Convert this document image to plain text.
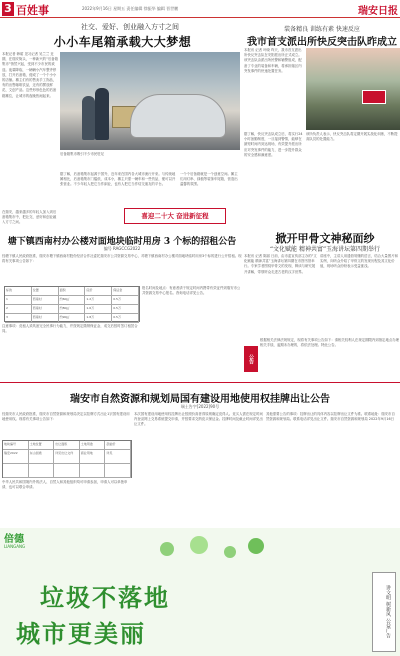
3 百姓事	2022年9月16日 星期五 责任编辑 徐振华 编辑 晋世鹏	瑞安日报
社交、爱好、创业融入方寸之间
小小车尾箱承载大大梦想
本报记者 韩昭 见习记者 吴兰兰 近期，在瑞安街头，一种新兴的“后备箱集市”悄然兴起，受到不少市民的欢迎。夜幕降临，一辆辆小汽车整齐停放，打开后备箱，便成了一个个小小的店铺。摊主们有的售卖手工饰品，有的出售咖啡饮品，还有的摆放鲜花、文创产品。这些形形色色的后备箱摊位，让城市的夜晚热闹起来。
在瑞安，越来越多的年轻人加入到后备箱集市中，把社交、爱好和创业融入方寸之间。
后备箱集市吸引不少市民驻足
据了解，后备箱集市起源于国外，近年来在国内各大城市流行开来。与传统地摊相比，后备箱集市门槛低、成本小，摊主只需一辆车和一些货品，便可以开张营业。不少年轻人把它当作副业，也有人把它当作结交朋友的平台。
一个个后备箱就是一个创意空间。摊主们用灯串、绿植等装饰车尾箱，营造出温馨的氛围。
喜迎二十大 奋进新征程
装备精良 训练有素 快速反应
我市首支派出所快反突击队昨成立
本报讯 记者 叶晓 昨天，我市首支派出所快反突击队在安阳派出所正式成立。该突击队由派出所民警和辅警组成，配备了专业的装备和车辆，将承担辖区内突发事件的快速处置任务。
据了解，快反突击队成立后，将实行24小时备勤制度，一旦接到警情，能够在最短时间内到达现场，有效提升派出所应对突发事件的能力，进一步提升群众的安全感和满意度。
该所负责人表示，快反突击队将定期开展实战化训练，不断提高队员的处置能力。
掀开甲骨文神秘面纱
“文化赋能 精神共富”玉海讲坛第四期举行
本报讯 记者 陈丽 日前，由市委宣传部主办的“文化赋能 精神共富”玉海讲坛第四期在市图书馆举行。专家学者围绕甲骨文的发现、释读与研究展开讲解，带领听众走进古老的汉字世界。
讲座中，主讲人用通俗易懂的语言，结合大量图片和实例，向听众介绍了甲骨文的发现历程及其文化价值，现场听众纷纷表示受益匪浅。
公告
根据相关法律法规规定，现将有关事项公告如下：请相关权利人在规定期限内到指定地点办理相关手续，逾期未办理的，将依法处理。特此公告。
塘下镇西南村办公楼对面地块临时用房 3 个标的招租公告
编号 RAGCCG2022
经塘下镇人民政府批准，瑞安市塘下镇西南村股份经济合作社委托瑞安市公共资源交易中心，对塘下镇西南村办公楼对面地块临时用房3个标的进行公开招租。现将有关事项公告如下：
标的	位置	面积	底价	保证金
1	西南村	约60㎡	1.2万	0.5万
2	西南村	约80㎡	1.6万	0.5万
3	西南村	约90㎡	1.8万	0.5万
报名时间及地点：有意者请于规定时间内携带有效证件到瑞安市公共资源交易中心报名。咨询电话详见公告。
注意事项：竞租人须具备完全民事行为能力，并按规定缴纳保证金，成交后按时签订租赁合同。
瑞安市自然资源和规划局国有建设用地使用权挂牌出让公告
瑞土告字[2022]90号
经瑞安市人民政府批准，瑞安市自然资源和规划局决定以挂牌方式出让1宗国有建设用地使用权。现将有关事项公告如下：
地块编号	土地位置	出让面积	土地用途	起始价
瑞安2022	东山街道	详见出让文件	商业用地	详见
中华人民共和国境内外的法人、自然人和其他组织均可申请参加，申请人可以单独申请，也可以联合申请。
本次国有建设用地使用权挂牌出让按照价高者得原则确定竞得人。竞买人需在规定时间内登录网上交易系统提交申请，并按要求交纳竞买保证金。挂牌时间及截止时间详见出让文件。
其他需要公告的事项：挂牌出让的具体内容以挂牌出让文件为准。联系地址：瑞安市自然资源和规划局。联系电话详见出让文件。瑞安市自然资源和规划局 2022年9月16日
倍德
LIANGANG
垃圾不落地
城市更美丽	讲文明 树新风 公益广告
